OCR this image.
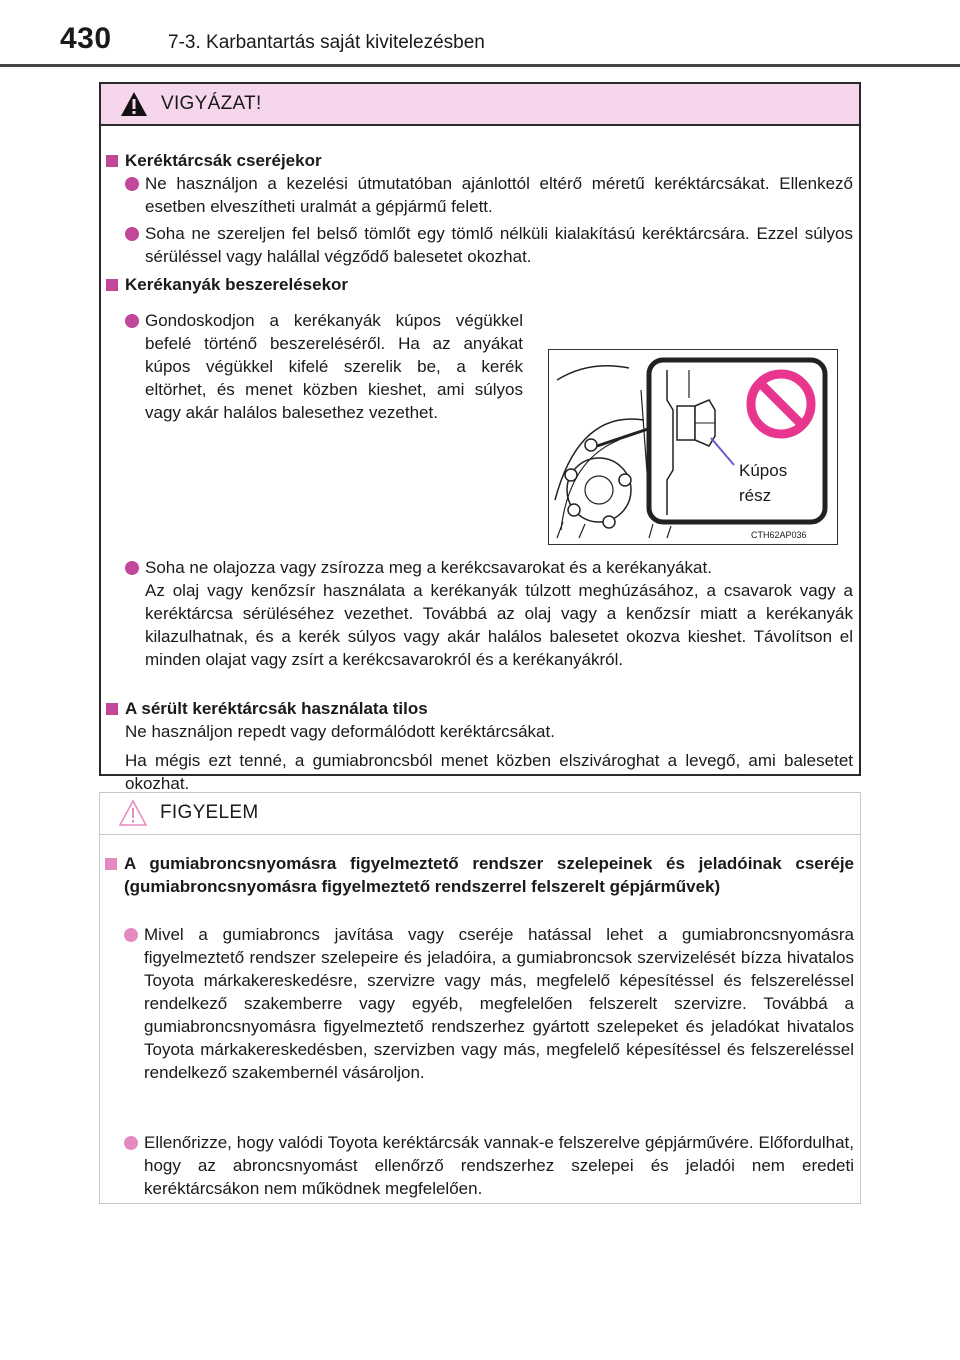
430	7-3. Karbantartás saját kivitelezésben
VIGYÁZAT!
Keréktárcsák cseréjekor
Ne használjon a kezelési útmutatóban ajánlottól eltérő méretű keréktárcsákat. Ellenkező esetben elveszítheti uralmát a gépjármű felett.
Soha ne szereljen fel belső tömlőt egy tömlő nélküli kialakítású keréktárcsára. Ezzel súlyos sérüléssel vagy halállal végződő balesetet okozhat.
Kerékanyák beszerelésekor
Gondoskodjon a kerékanyák kúpos végükkel befelé történő beszereléséről. Ha az anyákat kúpos végükkel kifelé szerelik be, a kerék eltörhet, és menet közben kieshet, ami súlyos vagy akár halálos balesethez vezethet.
Kúpos
rész
CTH62AP036
Soha ne olajozza vagy zsírozza meg a kerékcsavarokat és a kerékanyákat.
Az olaj vagy kenőzsír használata a kerékanyák túlzott meghúzásához, a csavarok vagy a keréktárcsa sérüléséhez vezethet. Továbbá az olaj vagy a kenőzsír miatt a kerékanyák kilazulhatnak, és a kerék súlyos vagy akár halálos balesetet okozva kieshet. Távolítson el minden olajat vagy zsírt a kerékcsavarokról és a kerékanyákról.
A sérült keréktárcsák használata tilos
Ne használjon repedt vagy deformálódott keréktárcsákat.
Ha mégis ezt tenné, a gumiabroncsból menet közben elszivároghat a levegő, ami balesetet okozhat.
FIGYELEM
A gumiabroncsnyomásra figyelmeztető rendszer szelepeinek és jeladóinak cseréje (gumiabroncsnyomásra figyelmeztető rendszerrel felszerelt gépjárművek)
Mivel a gumiabroncs javítása vagy cseréje hatással lehet a gumiabroncsnyomásra figyelmeztető rendszer szelepeire és jeladóira, a gumiabroncsok szervizelését bízza hivatalos Toyota márkakereskedésre, szervizre vagy más, megfelelő képesítéssel és felszereléssel rendelkező szakemberre vagy egyéb, megfelelően felszerelt szervizre. Továbbá a gumiabroncsnyomásra figyelmeztető rendszerhez gyártott szelepeket és jeladókat hivatalos Toyota márkakereskedésben, szervizben vagy más, megfelelő képesítéssel és felszereléssel rendelkező szakembernél vásároljon.
Ellenőrizze, hogy valódi Toyota keréktárcsák vannak-e felszerelve gépjárművére. Előfordulhat, hogy az abroncsnyomást ellenőrző rendszerhez szelepei és jeladói nem eredeti keréktárcsákon nem működnek megfelelően.
